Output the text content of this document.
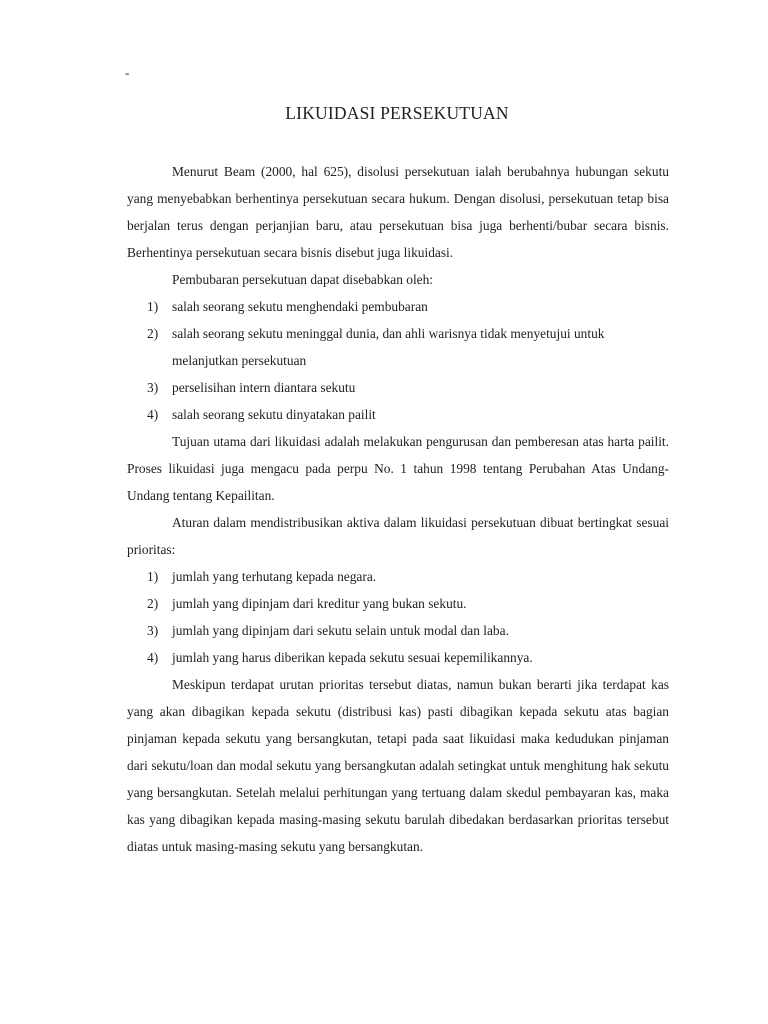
-
LIKUIDASI PERSEKUTUAN

Menurut Beam (2000, hal 625), disolusi persekutuan ialah berubahnya hubungan sekutu yang menyebabkan berhentinya persekutuan secara hukum. Dengan disolusi, persekutuan tetap bisa berjalan terus dengan perjanjian baru, atau persekutuan bisa juga berhenti/bubar secara bisnis. Berhentinya persekutuan secara bisnis disebut juga likuidasi.

Pembubaran persekutuan dapat disebabkan oleh:

1) salah seorang sekutu menghendaki pembubaran
2) salah seorang sekutu meninggal dunia, dan ahli warisnya tidak menyetujui untuk melanjutkan persekutuan
3) perselisihan intern diantara sekutu
4) salah seorang sekutu dinyatakan pailit

Tujuan utama dari likuidasi adalah melakukan pengurusan dan pemberesan atas harta pailit. Proses likuidasi juga mengacu pada perpu No. 1 tahun 1998 tentang Perubahan Atas Undang-Undang tentang Kepailitan.

Aturan dalam mendistribusikan aktiva dalam likuidasi persekutuan dibuat bertingkat sesuai prioritas:

1) jumlah yang terhutang kepada negara.
2) jumlah yang dipinjam dari kreditur yang bukan sekutu.
3) jumlah yang dipinjam dari sekutu selain untuk modal dan laba.
4) jumlah yang harus diberikan kepada sekutu sesuai kepemilikannya.

Meskipun terdapat urutan prioritas tersebut diatas, namun bukan berarti jika terdapat kas yang akan dibagikan kepada sekutu (distribusi kas) pasti dibagikan kepada sekutu atas bagian pinjaman kepada sekutu yang bersangkutan, tetapi pada saat likuidasi maka kedudukan pinjaman dari sekutu/loan dan modal sekutu yang bersangkutan adalah setingkat untuk menghitung hak sekutu yang bersangkutan. Setelah melalui perhitungan yang tertuang dalam skedul pembayaran kas, maka kas yang dibagikan kepada masing-masing sekutu barulah dibedakan berdasarkan prioritas tersebut diatas untuk masing-masing sekutu yang bersangkutan.
